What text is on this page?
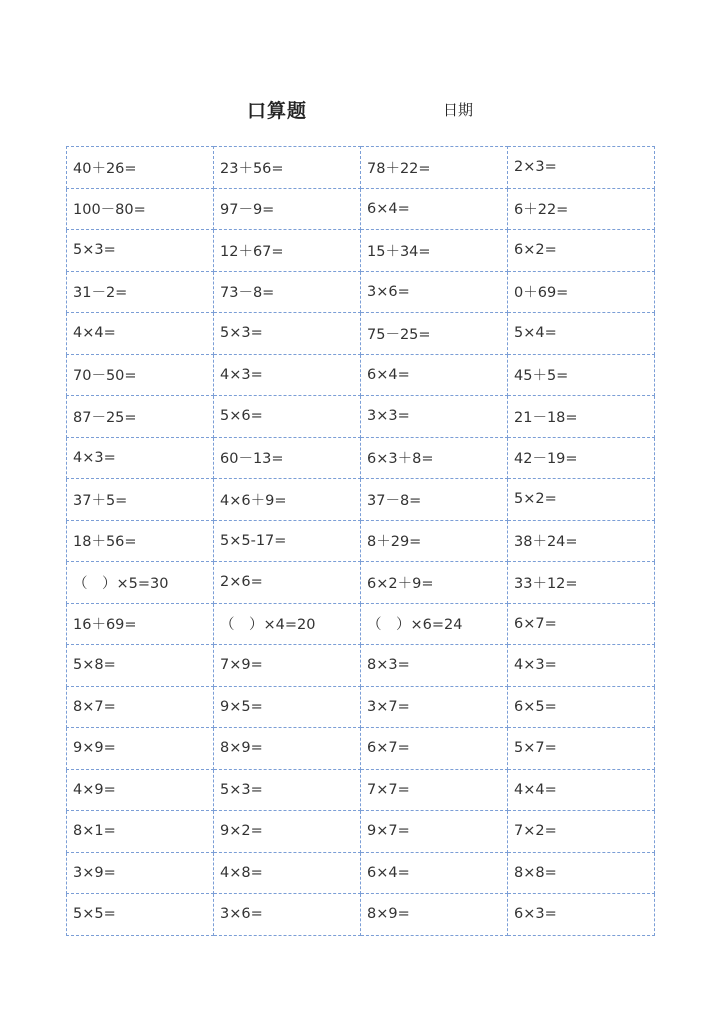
口算题	日期
40＋26=	23＋56=	78＋22=	2×3=
100－80=	97－9=	6×4=	6＋22=
5×3=	12＋67=	15＋34=	6×2=
31－2=	73－8=	3×6=	0＋69=
4×4=	5×3=	75－25=	5×4=
70－50=	4×3=	6×4=	45＋5=
87－25=	5×6=	3×3=	21－18=
4×3=	60－13=	6×3＋8=	42－19=
37＋5=	4×6＋9=	37－8=	5×2=
18＋56=	5×5-17=	8＋29=	38＋24=
（　）×5=30	2×6=	6×2＋9=	33＋12=
16＋69=	（　）×4=20	（　）×6=24	6×7=
5×8=	7×9=	8×3=	4×3=
8×7=	9×5=	3×7=	6×5=
9×9=	8×9=	6×7=	5×7=
4×9=	5×3=	7×7=	4×4=
8×1=	9×2=	9×7=	7×2=
3×9=	4×8=	6×4=	8×8=
5×5=	3×6=	8×9=	6×3=
